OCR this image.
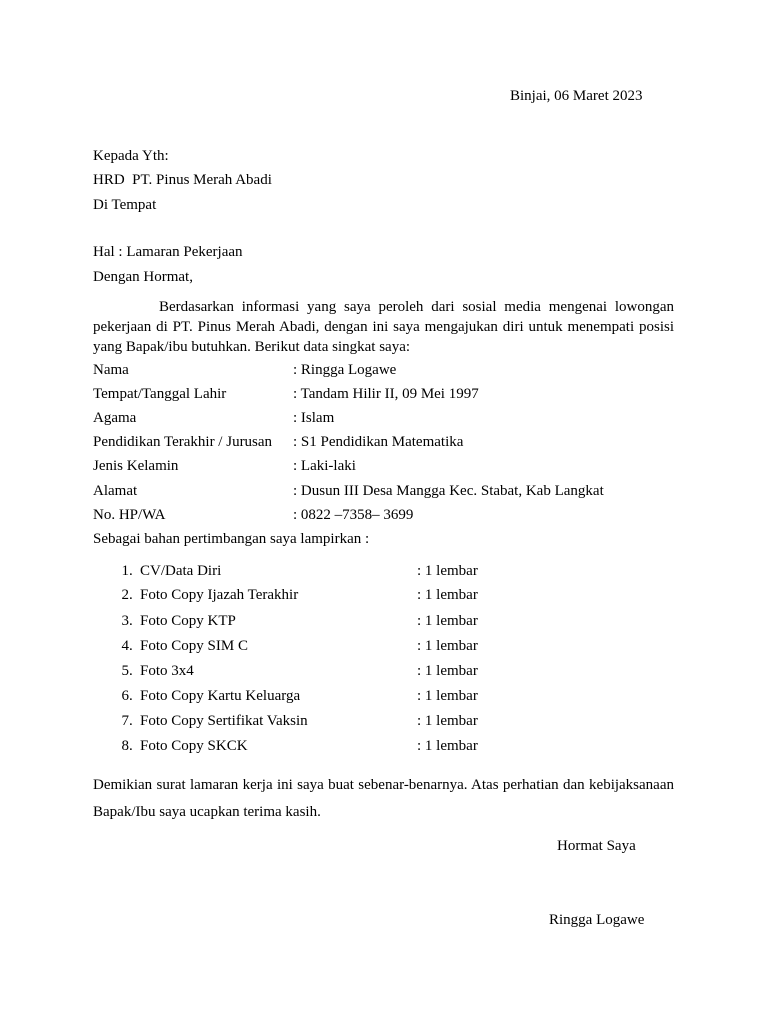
Binjai, 06 Maret 2023
Kepada Yth:
HRD  PT. Pinus Merah Abadi
Di Tempat
Hal : Lamaran Pekerjaan
Dengan Hormat,
Berdasarkan informasi yang saya peroleh dari sosial media mengenai lowongan pekerjaan di PT. Pinus Merah Abadi, dengan ini saya mengajukan diri untuk menempati posisi yang Bapak/ibu butuhkan. Berikut data singkat saya:
Nama	: Ringga Logawe
Tempat/Tanggal Lahir	: Tandam Hilir II, 09 Mei 1997
Agama	: Islam
Pendidikan Terakhir / Jurusan : S1 Pendidikan Matematika
Jenis Kelamin	: Laki-laki
Alamat	: Dusun III Desa Mangga Kec. Stabat, Kab Langkat
No. HP/WA	: 0822 –7358– 3699
Sebagai bahan pertimbangan saya lampirkan :
1 . CV/Data Diri	: 1 lembar
2 . Foto Copy Ijazah Terakhir	: 1 lembar
3 . Foto Copy KTP	: 1 lembar
4 . Foto Copy SIM C	: 1 lembar
5 . Foto 3x4	: 1 lembar
6 . Foto Copy Kartu Keluarga	: 1 lembar
7 . Foto Copy Sertifikat Vaksin	: 1 lembar
8 . Foto Copy SKCK	: 1 lembar
Demikian surat lamaran kerja ini saya buat sebenar-benarnya. Atas perhatian dan kebijaksanaan Bapak/Ibu saya ucapkan terima kasih.
Hormat Saya
Ringga Logawe
